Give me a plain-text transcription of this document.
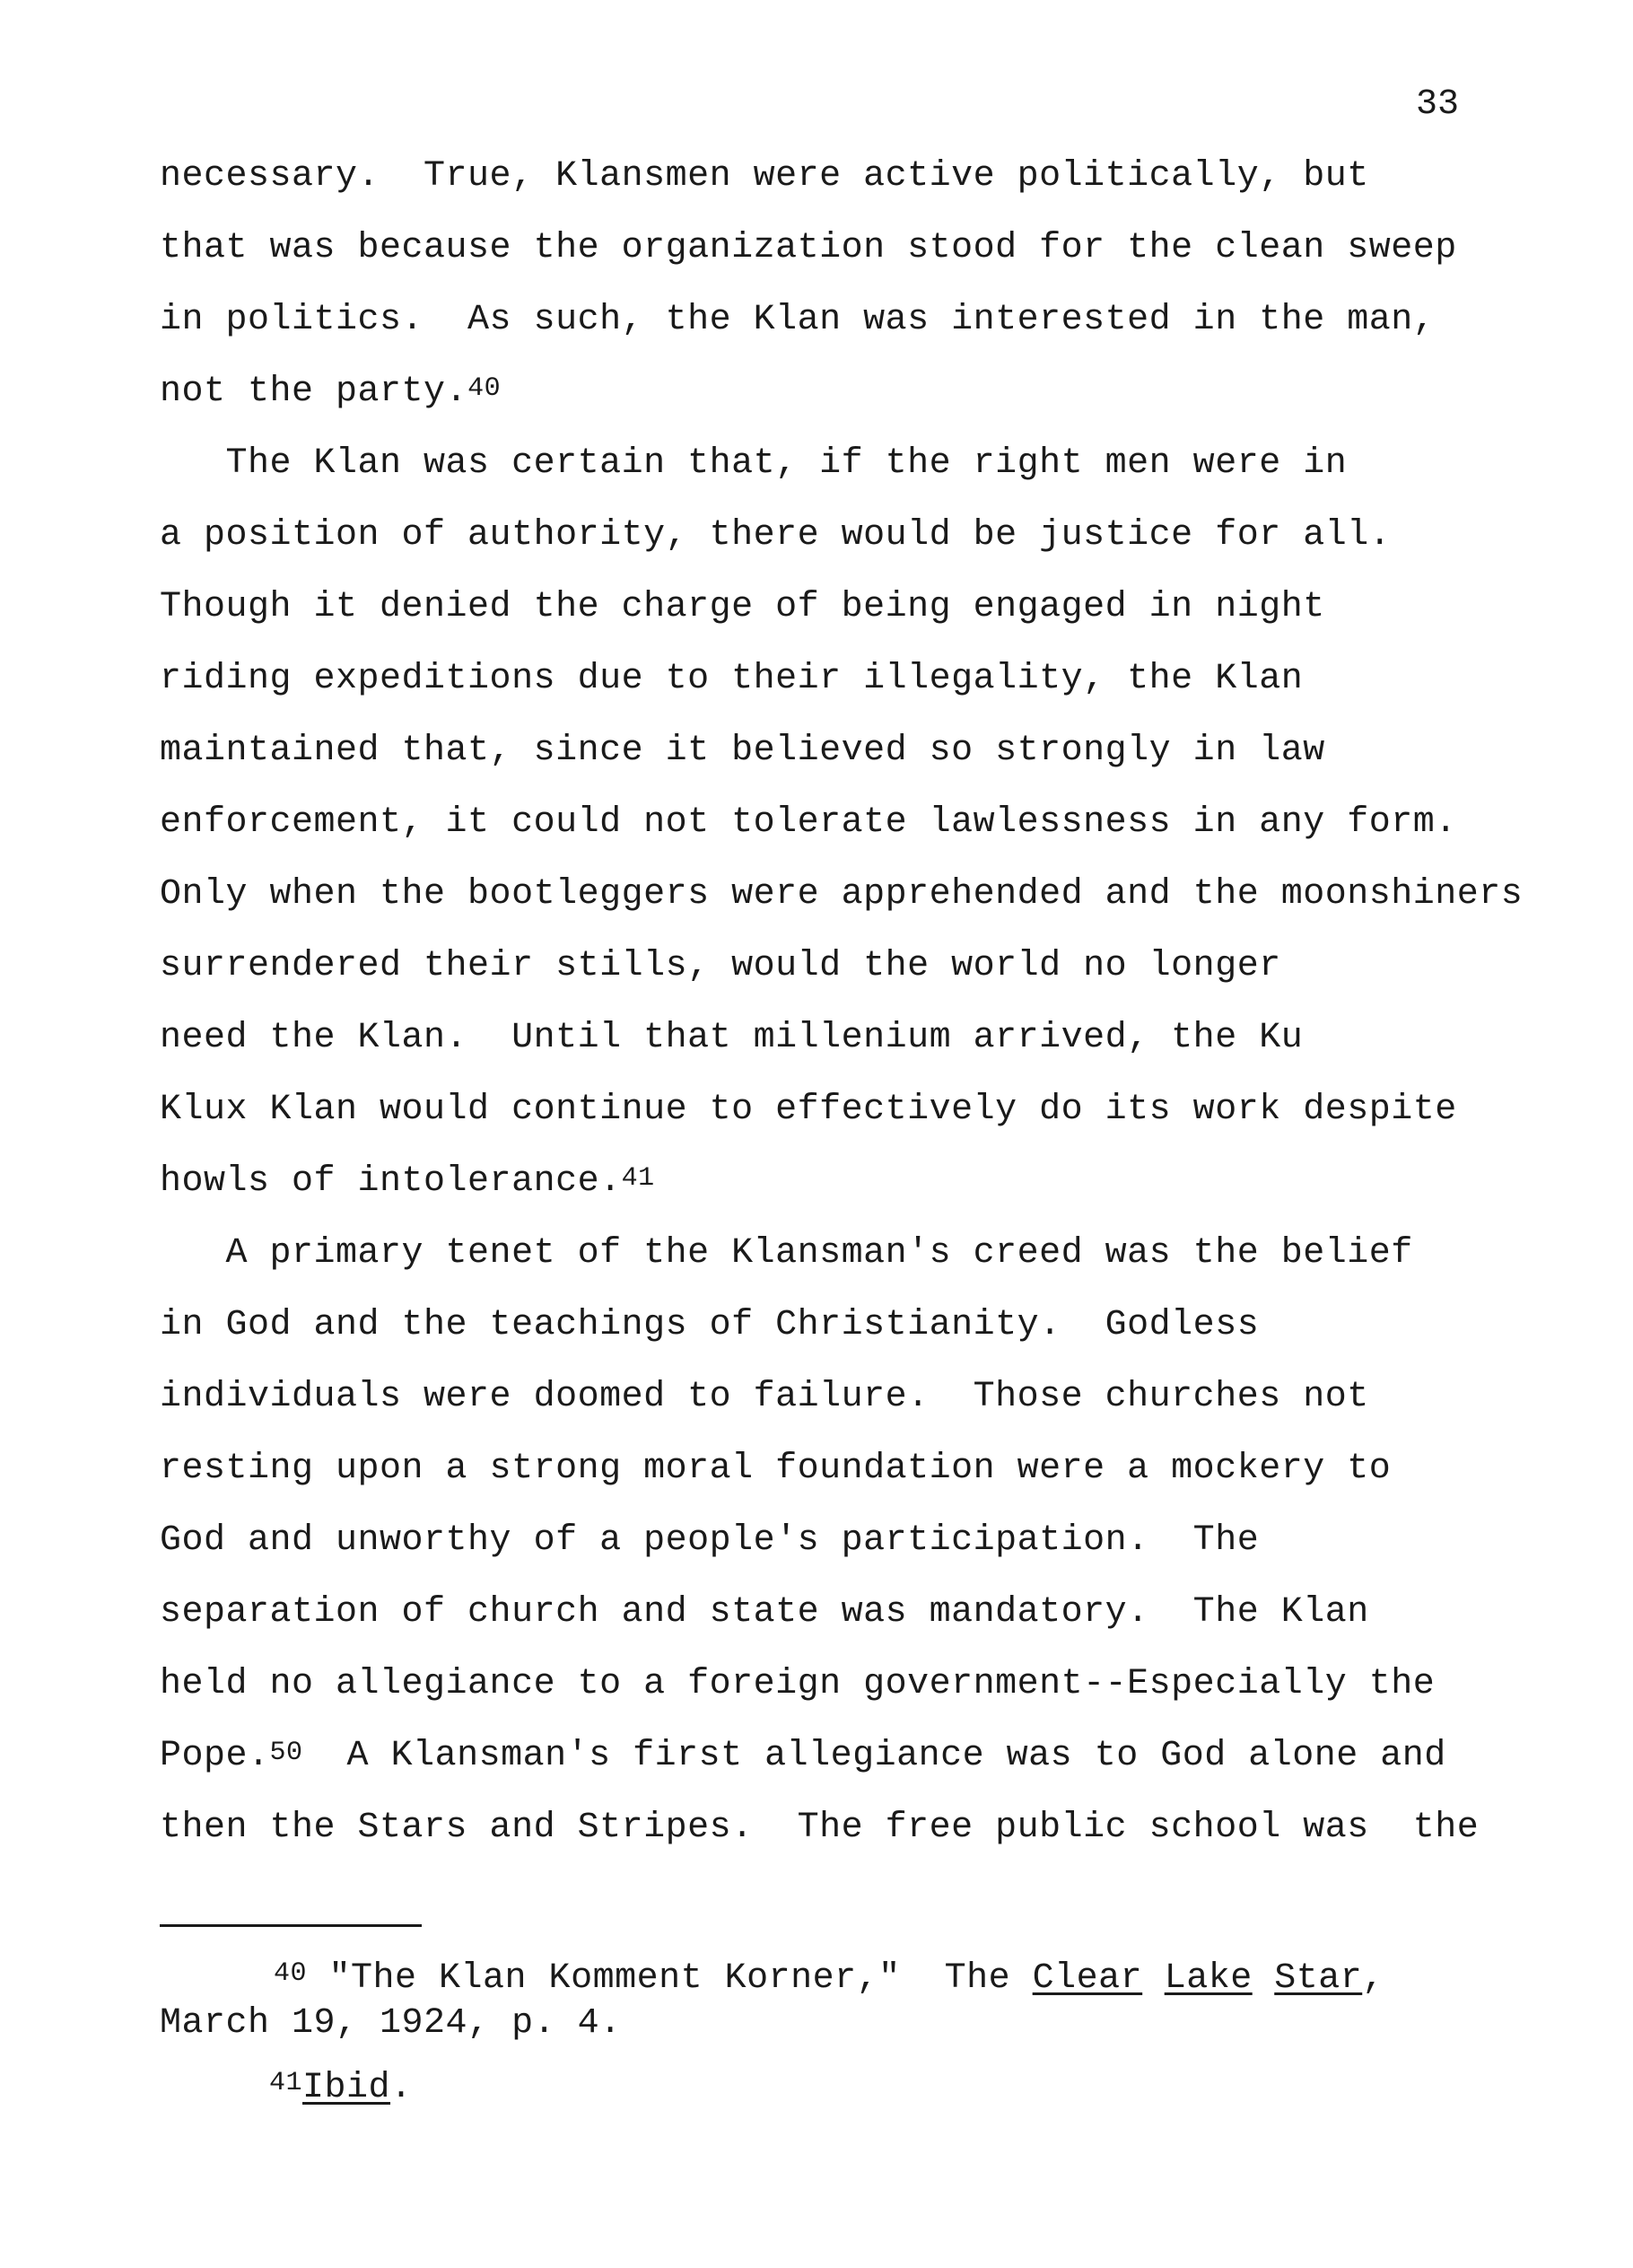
33
necessary.  True, Klansmen were active politically, but
that was because the organization stood for the clean sweep
in politics.  As such, the Klan was interested in the man,
not the party.$^{40}$
The Klan was certain that, if the right men were in
a position of authority, there would be justice for all.
Though it denied the charge of being engaged in night
riding expeditions due to their illegality, the Klan
maintained that, since it believed so strongly in law
enforcement, it could not tolerate lawlessness in any form.
Only when the bootleggers were apprehended and the moonshiners
surrendered their stills, would the world no longer
need the Klan.  Until that millenium arrived, the Ku
Klux Klan would continue to effectively do its work despite
howls of intolerance.$^{41}$
A primary tenet of the Klansman's creed was the belief
in God and the teachings of Christianity.  Godless
individuals were doomed to failure.  Those churches not
resting upon a strong moral foundation were a mockery to
God and unworthy of a people's participation.  The
separation of church and state was mandatory.  The Klan
held no allegiance to a foreign government--Especially the
Pope.$^{50}$  A Klansman's first allegiance was to God alone and
then the Stars and Stripes.  The free public school was  the
$^{40}$ "The Klan Komment Korner,"  The Clear Lake Star,
March 19, 1924, p. 4.
$^{41}$Ibid.
